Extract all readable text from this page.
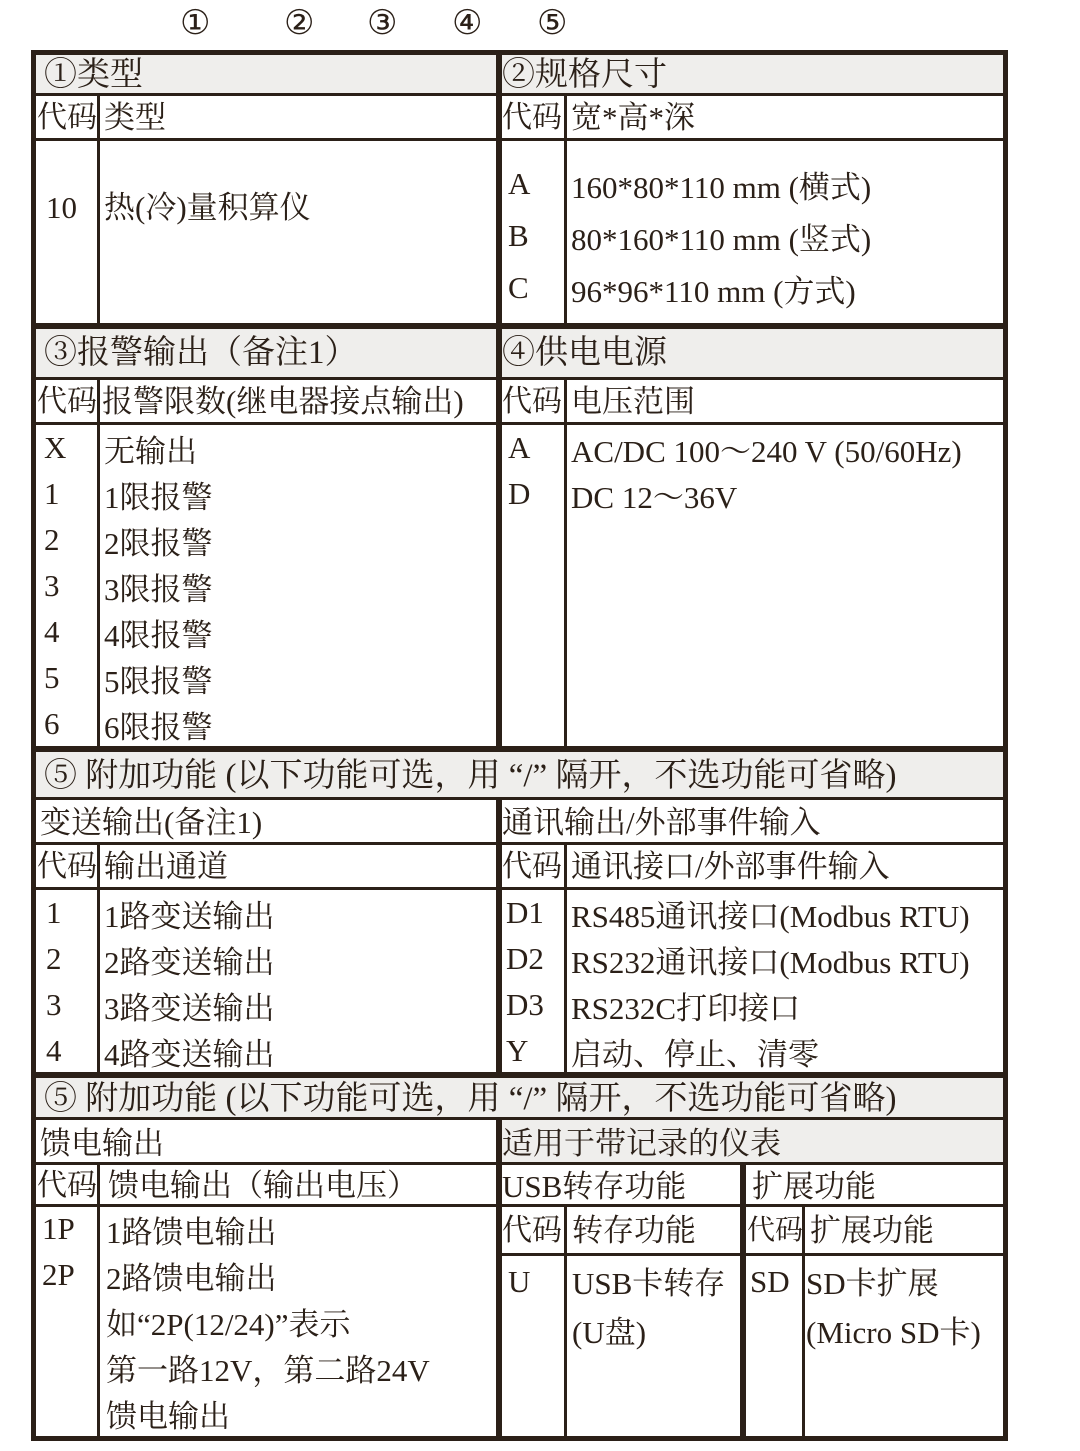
① ② ③ ④ ⑤
①类型
代码 类型
10 热(冷)量积算仪
②规格尺寸
代码 宽*高*深
A
B
C
160*80*110 mm (横式)
80*160*110 mm (竖式)
96*96*110 mm (方式)
③报警输出（备注1）
代码 报警限数(继电器接点输出)
X
1
2
3
4
5
6
无输出
1限报警
2限报警
3限报警
4限报警
5限报警
6限报警
④供电电源
代码 电压范围
A
D
AC/DC 100～240 V (50/60Hz)
DC 12～36V
⑤ 附加功能 (以下功能可选，用 “/” 隔开，不选功能可省略)
变送输出(备注1)
代码 输出通道
1
2
3
4
1路变送输出
2路变送输出
3路变送输出
4路变送输出
通讯输出/外部事件输入
代码 通讯接口/外部事件输入
D1
D2
D3
Y
RS485通讯接口(Modbus RTU)
RS232通讯接口(Modbus RTU)
RS232C打印接口
启动、停止、清零
⑤ 附加功能 (以下功能可选，用 “/” 隔开，不选功能可省略)
馈电输出
代码 馈电输出（输出电压）
1P
2P
1路馈电输出
2路馈电输出
如“2P(12/24)”表示
第一路12V，第二路24V
馈电输出
适用于带记录的仪表
USB转存功能 扩展功能
代码 转存功能 代码 扩展功能
U USB卡转存
(U盘)
SD SD卡扩展
(Micro SD卡)
